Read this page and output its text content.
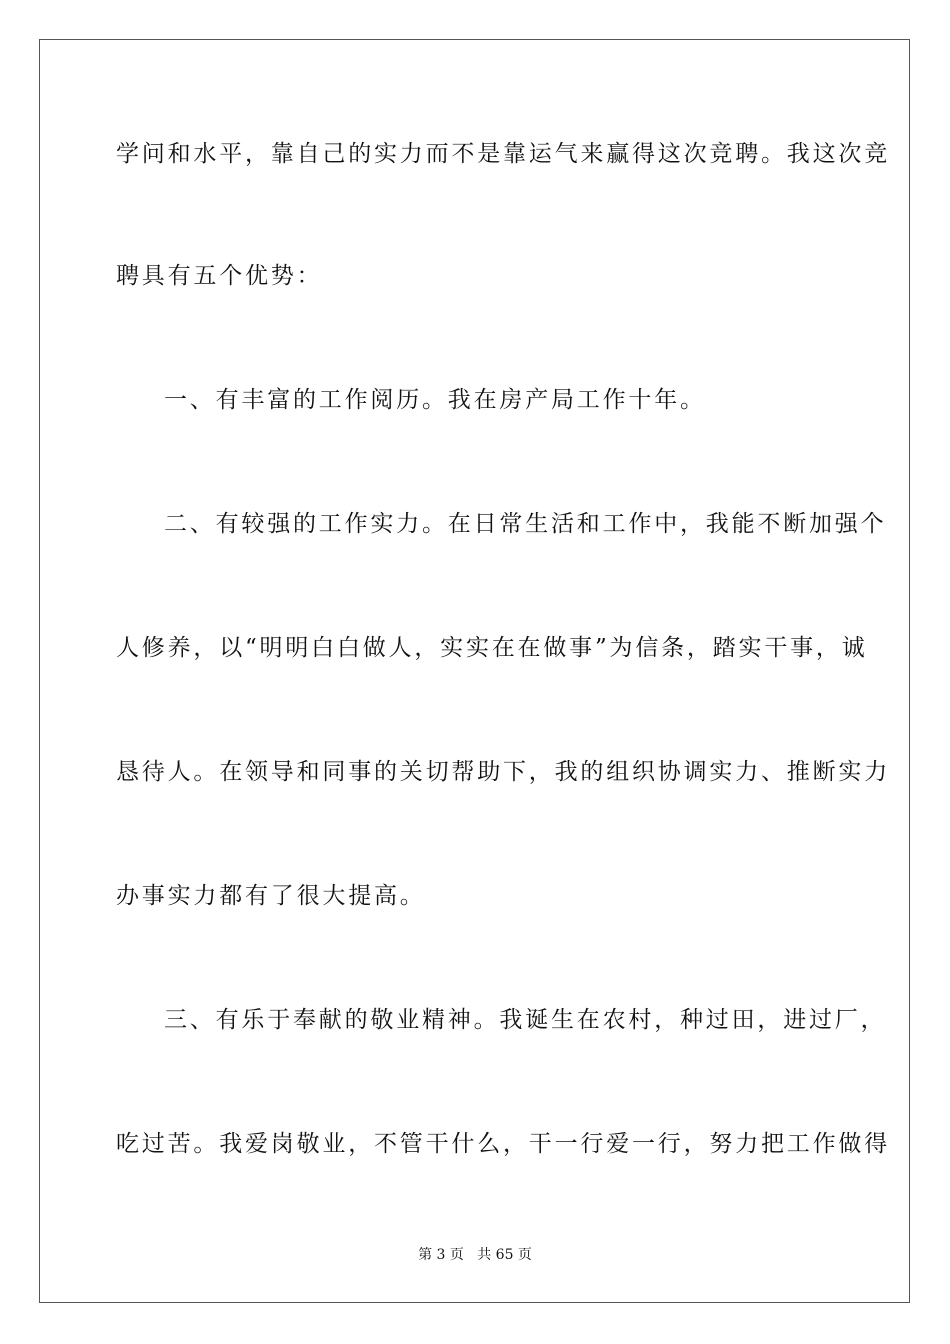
学问和水平，靠自己的实力而不是靠运气来赢得这次竞聘。我这次竞
聘具有五个优势：
一、有丰富的工作阅历。我在房产局工作十年。
二、有较强的工作实力。在日常生活和工作中，我能不断加强个
人修养，以“明明白白做人，实实在在做事”为信条，踏实干事，诚
恳待人。在领导和同事的关切帮助下，我的组织协调实力、推断实力
办事实力都有了很大提高。
三、有乐于奉献的敬业精神。我诞生在农村，种过田，进过厂，
吃过苦。我爱岗敬业，不管干什么，干一行爱一行，努力把工作做得
第 3 页   共 65 页
